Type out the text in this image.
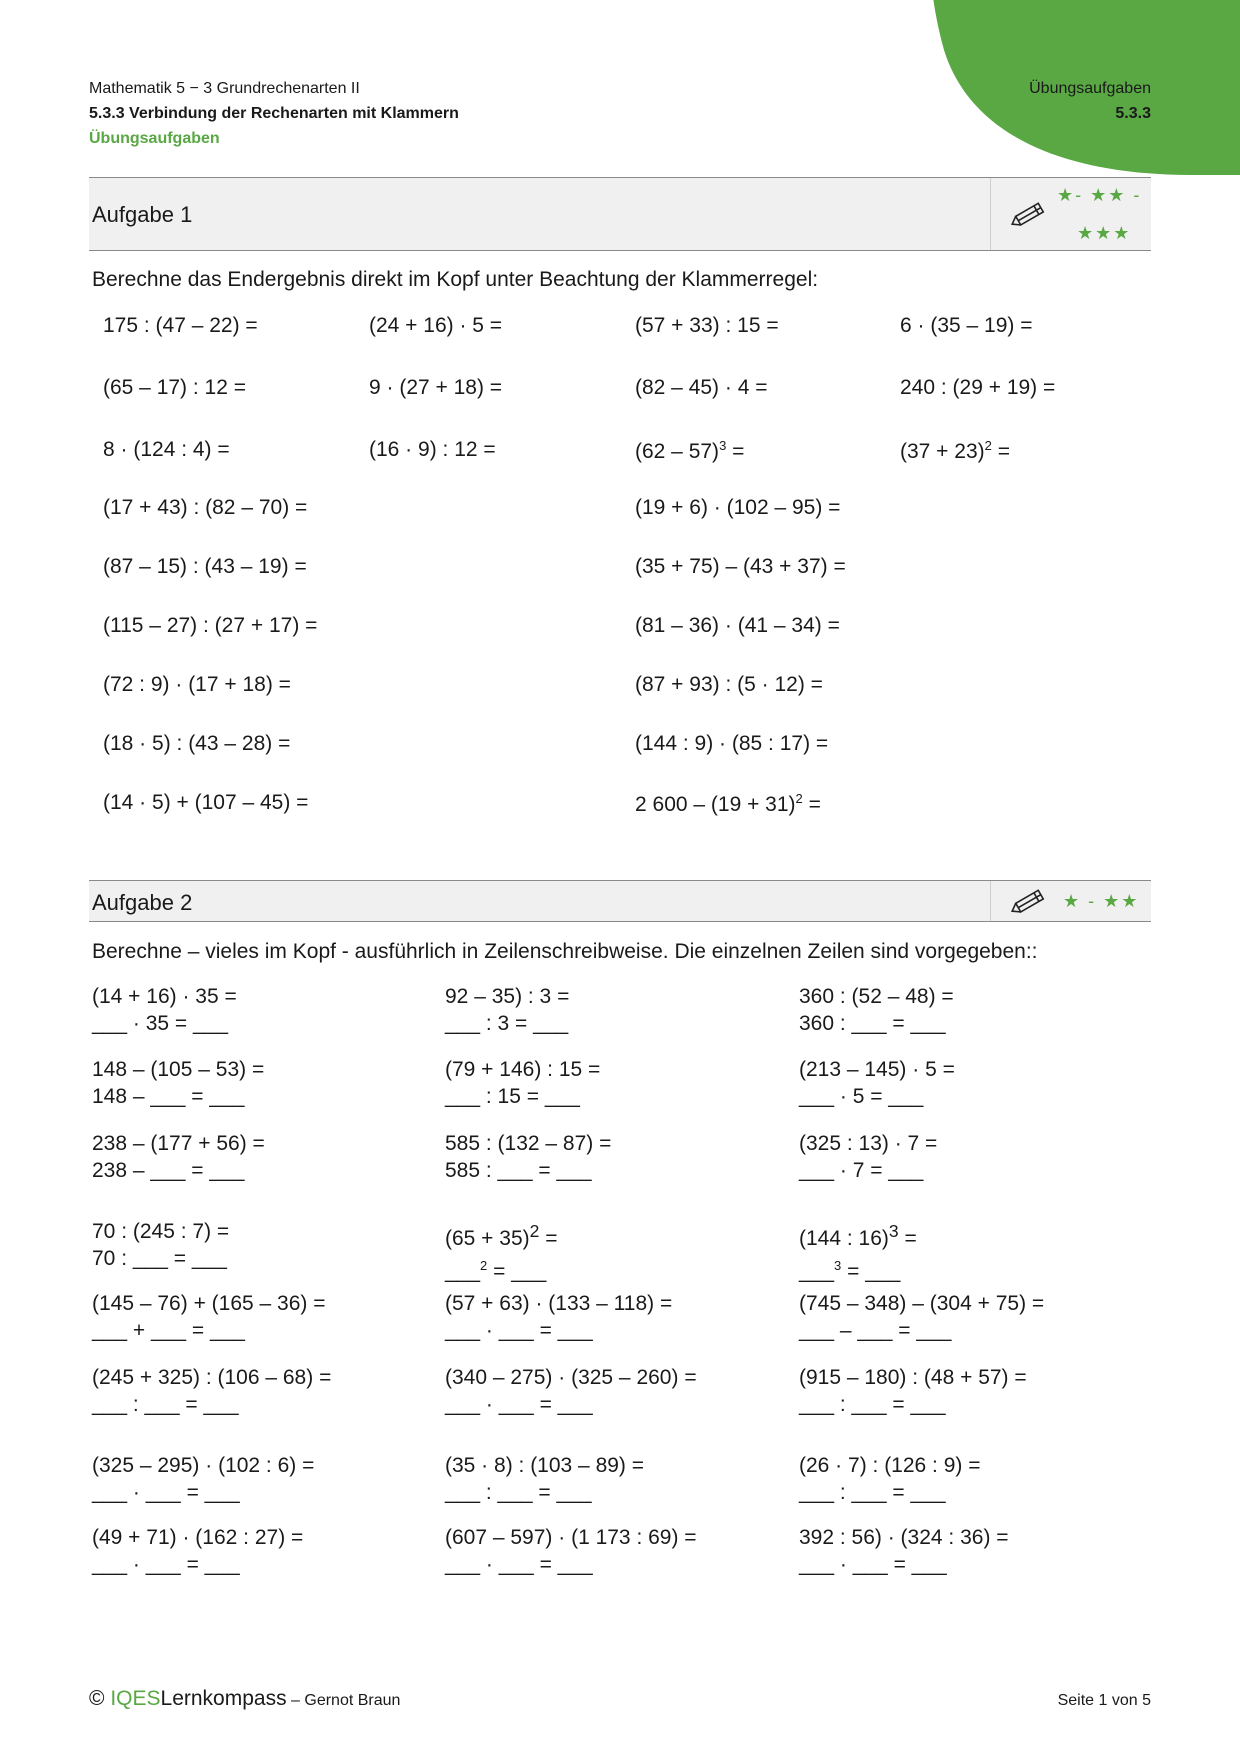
Mathematik 5 − 3 Grundrechenarten II
5.3.3 Verbindung der Rechenarten mit Klammern
Übungsaufgaben
Übungsaufgaben
5.3.3
Aufgabe 1
★- ★★ -
★★★
Berechne das Endergebnis direkt im Kopf unter Beachtung der Klammerregel:
175 : (47 – 22) =	(24 + 16) · 5 =	(57 + 33) : 15 =	6 · (35 – 19) =
(65 – 17) : 12 =	9 · (27 + 18) =	(82 – 45) · 4 =	240 : (29 + 19) =
8 · (124 : 4) =	(16 · 9) : 12 =	(62 – 57)$^3$ =	$(37 + 23)^2$ =
(17 + 43) : (82 – 70) =	(19 + 6) · (102 – 95) =
(87 – 15) : (43 – 19) =	(35 + 75) – (43 + 37) =
(115 – 27) : (27 + 17) =	(81 – 36) · (41 – 34) =
(72 : 9) · (17 + 18) =	(87 + 93) : (5 · 12) =
(18 · 5) : (43 – 28) =	(144 : 9) · (85 : 17) =
(14 · 5) + (107 – 45) =	2 $600 - (19 + 31)^2$ =
Aufgabe 2	★ - ★★
Berechne – vieles im Kopf - ausführlich in Zeilenschreibweise. Die einzelnen Zeilen sind vorgegeben::
(14 + 16) · 35 =
___ · 35 = ___
92 – 35) : 3 =
___ : 3 = ___
360 : (52 – 48) =
360 : ___ = ___
148 – (105 – 53) =
148 – ___ = ___
(79 + 146) : 15 =
___ : 15 = ___
(213 – 145) · 5 =
___ · 5 = ___
238 – (177 + 56) =
238 – ___ = ___
585 : (132 – 87) =
585 : ___ = ___
(325 : 13) · 7 =
___ · 7 = ___
70 : (245 : 7) =
70 : ___ = ___
$(65 + 35)^2$ =
___$^2$ = ___
(144 : 16)$^3$ =
___$^3$ = ___
(145 – 76) + (165 – 36) =
___ + ___ = ___
(57 + 63) · (133 – 118) =
___ · ___ = ___
(745 – 348) – (304 + 75) =
___ – ___ = ___
(245 + 325) : (106 – 68) =
___ : ___ = ___
(340 – 275) · (325 – 260) =
___ · ___ = ___
(915 – 180) : (48 + 57) =
___ : ___ = ___
(325 – 295) · (102 : 6) =
___ · ___ = ___
(35 · 8) : (103 – 89) =
___ : ___ = ___
(26 · 7) : (126 : 9) =
___ : ___ = ___
(49 + 71) · (162 : 27) =
___ · ___ = ___
(607 – 597) · (1 173 : 69) =
___ · ___ = ___
392 : 56) · (324 : 36) =
___ · ___ = ___
© IQESLernkompass – Gernot Braun	Seite 1 von 5
